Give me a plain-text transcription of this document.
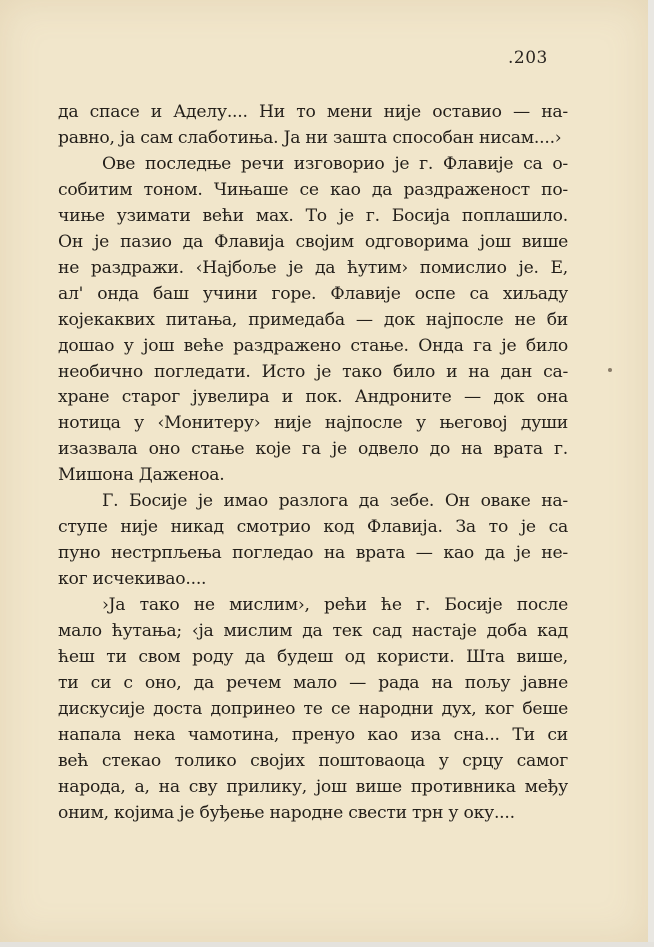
.203
да спасе и Аделу.... Ни то мени није оставио — на-
равно, ја сам слаботиња. Ја ни зашта способан нисам....›
Ове последње речи изговорио је г. Флавије са о-
собитим тоном. Чињаше се као да раздраженост по-
чиње узимати већи мах. То је г. Босија поплашило.
Он је пазио да Флавија својим одговорима још више
не раздражи. ‹Најбоље је да ћутим› помислио је. Е,
ал' онда баш учини горе. Флавије оспе са хиљаду
којекаквих питања, примедаба — док најпосле не би
дошао у још веће раздражено стање. Онда га је било
необично погледати. Исто је тако било и на дан са-
хране старог јувелира и пок. Андроните — док она
нотица у ‹Монитеру› није најпосле у његовој души
изазвала оно стање које га је одвело до на врата г.
Мишона Даженоа.
Г. Босије је имао разлога да зебе. Он оваке на-
ступе није никад смотрио код Флавија. За то је са
пуно нестрпљења погледао на врата — као да је не-
ког исчекивао....
›Ја тако не мислим›, рећи ће г. Босије после
мало ћутања; ‹ја мислим да тек сад настаје доба кад
ћеш ти свом роду да будеш од користи. Шта више,
ти си с оно, да речем мало — рада на пољу јавне
дискусије доста допринео те се народни дух, ког беше
напала нека чамотина, пренуо као иза сна... Ти си
већ стекао толико својих поштоваоца у срцу самог
народа, а, на сву прилику, још више противника међу
оним, којима је буђење народне свести трн у оку....
